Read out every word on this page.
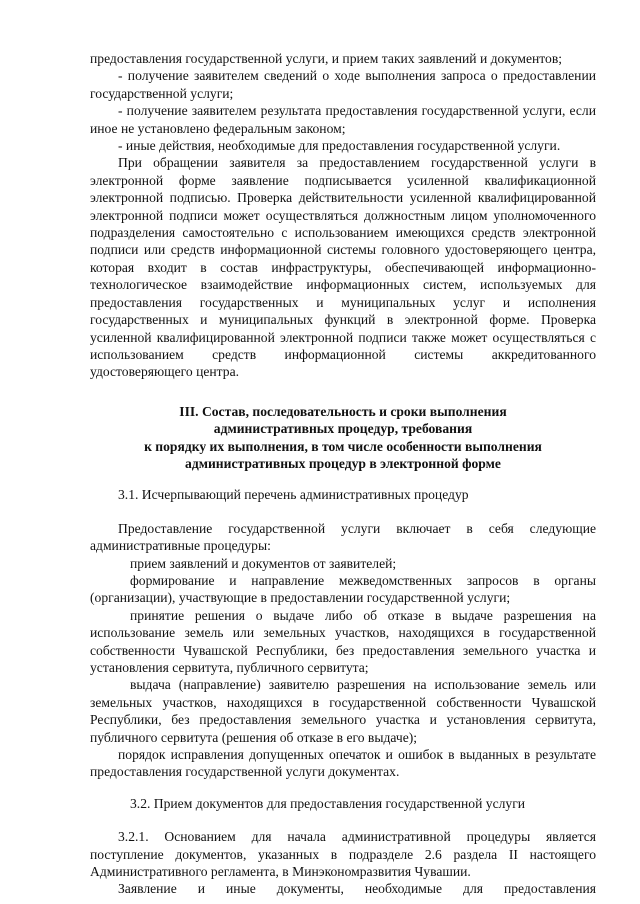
предоставления государственной услуги, и прием таких заявлений и документов;

- получение заявителем сведений о ходе выполнения запроса о предоставлении государственной услуги;

- получение заявителем результата предоставления государственной услуги, если иное не установлено федеральным законом;

- иные действия, необходимые для предоставления государственной услуги.

При обращении заявителя за предоставлением государственной услуги в электронной форме заявление подписывается усиленной квалификационной электронной подписью. Проверка действительности усиленной квалифицированной электронной подписи может осуществляться должностным лицом уполномоченного подразделения самостоятельно с использованием имеющихся средств электронной подписи или средств информационной системы головного удостоверяющего центра, которая входит в состав инфраструктуры, обеспечивающей информационно-технологическое взаимодействие информационных систем, используемых для предоставления государственных и муниципальных услуг и исполнения государственных и муниципальных функций в электронной форме. Проверка усиленной квалифицированной электронной подписи также может осуществляться с использованием средств информационной системы аккредитованного удостоверяющего центра.

III. Состав, последовательность и сроки выполнения
административных процедур, требования
к порядку их выполнения, в том числе особенности выполнения
административных процедур в электронной форме

3.1. Исчерпывающий перечень административных процедур

Предоставление государственной услуги включает в себя следующие административные процедуры:

прием заявлений и документов от заявителей;

формирование и направление межведомственных запросов в органы (организации), участвующие в предоставлении государственной услуги;

принятие решения о выдаче либо об отказе в выдаче разрешения на использование земель или земельных участков, находящихся в государственной собственности Чувашской Республики, без предоставления земельного участка и установления сервитута, публичного сервитута;

выдача (направление) заявителю разрешения на использование земель или земельных участков, находящихся в государственной собственности Чувашской Республики, без предоставления земельного участка и установления сервитута, публичного сервитута (решения об отказе в его выдаче);

порядок исправления допущенных опечаток и ошибок в выданных в результате предоставления государственной услуги документах.

3.2. Прием документов для предоставления государственной услуги

3.2.1. Основанием для начала административной процедуры является поступление документов, указанных в подразделе 2.6 раздела II настоящего Административного регламента, в Минэкономразвития Чувашии.

Заявление и иные документы, необходимые для предоставления
